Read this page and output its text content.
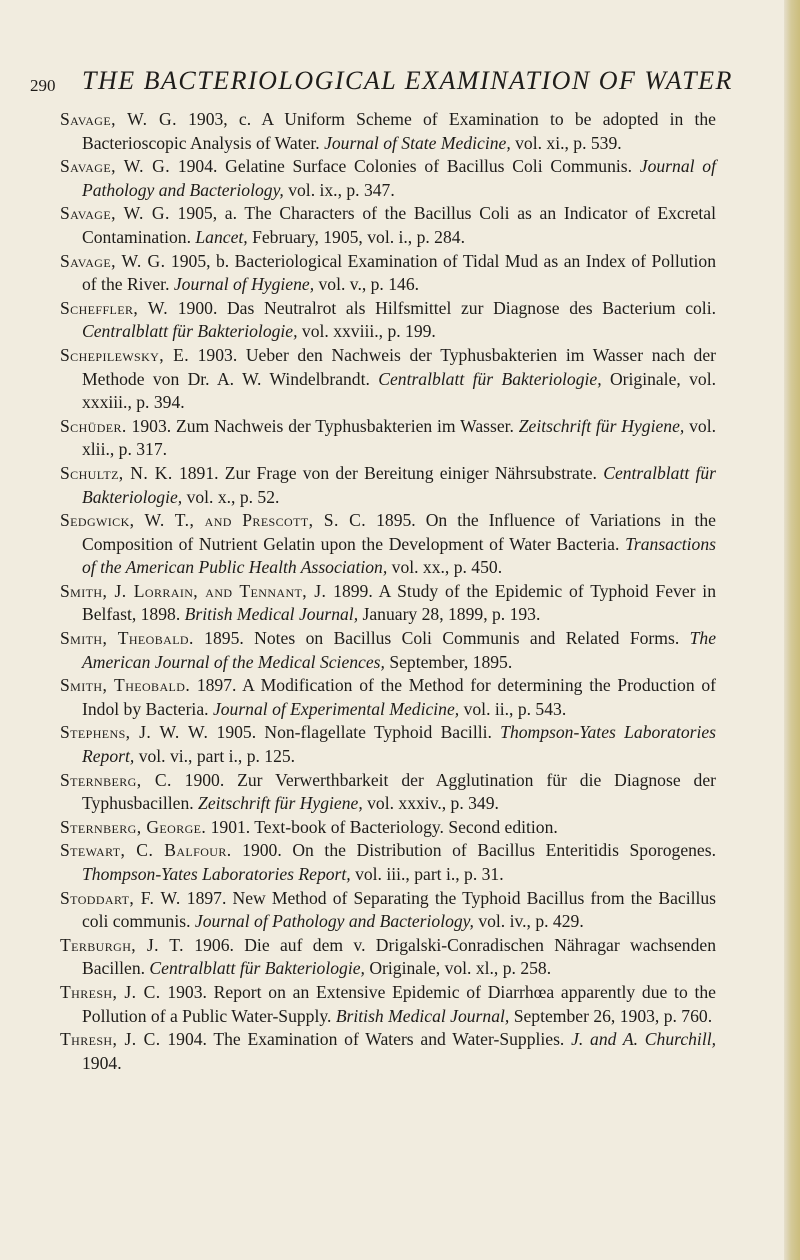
290 THE BACTERIOLOGICAL EXAMINATION OF WATER

Savage, W. G. 1903, c. A Uniform Scheme of Examination to be adopted in the Bacterioscopic Analysis of Water. Journal of State Medicine, vol. xi., p. 539.

Savage, W. G. 1904. Gelatine Surface Colonies of Bacillus Coli Communis. Journal of Pathology and Bacteriology, vol. ix., p. 347.

Savage, W. G. 1905, a. The Characters of the Bacillus Coli as an Indicator of Excretal Contamination. Lancet, February, 1905, vol. i., p. 284.

Savage, W. G. 1905, b. Bacteriological Examination of Tidal Mud as an Index of Pollution of the River. Journal of Hygiene, vol. v., p. 146.

Scheffler, W. 1900. Das Neutralrot als Hilfsmittel zur Diagnose des Bacterium coli. Centralblatt für Bakteriologie, vol. xxviii., p. 199.

Schepilewsky, E. 1903. Ueber den Nachweis der Typhusbakterien im Wasser nach der Methode von Dr. A. W. Windelbrandt. Centralblatt für Bakteriologie, Originale, vol. xxxiii., p. 394.

Schüder. 1903. Zum Nachweis der Typhusbakterien im Wasser. Zeitschrift für Hygiene, vol. xlii., p. 317.

Schultz, N. K. 1891. Zur Frage von der Bereitung einiger Nährsubstrate. Centralblatt für Bakteriologie, vol. x., p. 52.

Sedgwick, W. T., and Prescott, S. C. 1895. On the Influence of Variations in the Composition of Nutrient Gelatin upon the Development of Water Bacteria. Transactions of the American Public Health Association, vol. xx., p. 450.

Smith, J. Lorrain, and Tennant, J. 1899. A Study of the Epidemic of Typhoid Fever in Belfast, 1898. British Medical Journal, January 28, 1899, p. 193.

Smith, Theobald. 1895. Notes on Bacillus Coli Communis and Related Forms. The American Journal of the Medical Sciences, September, 1895.

Smith, Theobald. 1897. A Modification of the Method for determining the Production of Indol by Bacteria. Journal of Experimental Medicine, vol. ii., p. 543.

Stephens, J. W. W. 1905. Non-flagellate Typhoid Bacilli. Thompson-Yates Laboratories Report, vol. vi., part i., p. 125.

Sternberg, C. 1900. Zur Verwerthbarkeit der Agglutination für die Diagnose der Typhusbacillen. Zeitschrift für Hygiene, vol. xxxiv., p. 349.

Sternberg, George. 1901. Text-book of Bacteriology. Second edition.

Stewart, C. Balfour. 1900. On the Distribution of Bacillus Enteritidis Sporogenes. Thompson-Yates Laboratories Report, vol. iii., part i., p. 31.

Stoddart, F. W. 1897. New Method of Separating the Typhoid Bacillus from the Bacillus coli communis. Journal of Pathology and Bacteriology, vol. iv., p. 429.

Terburgh, J. T. 1906. Die auf dem v. Drigalski-Conradischen Nähragar wachsenden Bacillen. Centralblatt für Bakteriologie, Originale, vol. xl., p. 258.

Thresh, J. C. 1903. Report on an Extensive Epidemic of Diarrhœa apparently due to the Pollution of a Public Water-Supply. British Medical Journal, September 26, 1903, p. 760.

Thresh, J. C. 1904. The Examination of Waters and Water-Supplies. J. and A. Churchill, 1904.
